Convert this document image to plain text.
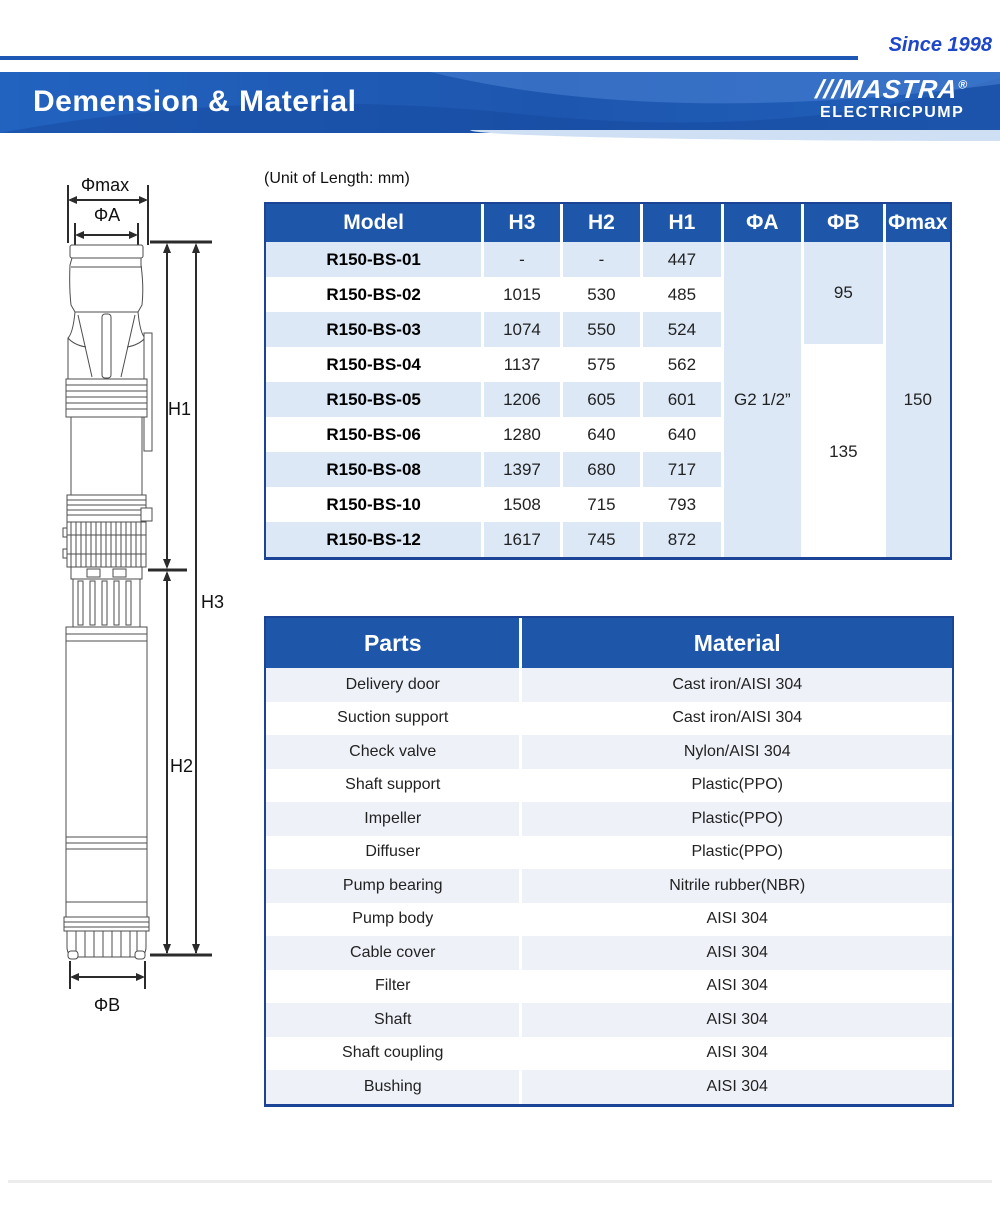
Since 1998
Demension & Material	///MASTRA®
ELECTRICPUMP
(Unit of Length: mm)
Φmax
ΦA
H1
H2
H3
ΦB
Model	H3	H2	H1	ΦA	ΦB	Φmax
R150-BS-01	-	-	447	G2 1/2”	95	150
R150-BS-02	1015	530	485			
R150-BS-03	1074	550	524			
R150-BS-04	1137	575	562		135	
R150-BS-05	1206	605	601			
R150-BS-06	1280	640	640			
R150-BS-08	1397	680	717			
R150-BS-10	1508	715	793			
R150-BS-12	1617	745	872			
Parts	Material
Delivery door	Cast iron/AISI 304
Suction support	Cast iron/AISI 304
Check valve	Nylon/AISI 304
Shaft support	Plastic(PPO)
Impeller	Plastic(PPO)
Diffuser	Plastic(PPO)
Pump bearing	Nitrile rubber(NBR)
Pump body	AISI 304
Cable cover	AISI 304
Filter	AISI 304
Shaft	AISI 304
Shaft coupling	AISI 304
Bushing	AISI 304
